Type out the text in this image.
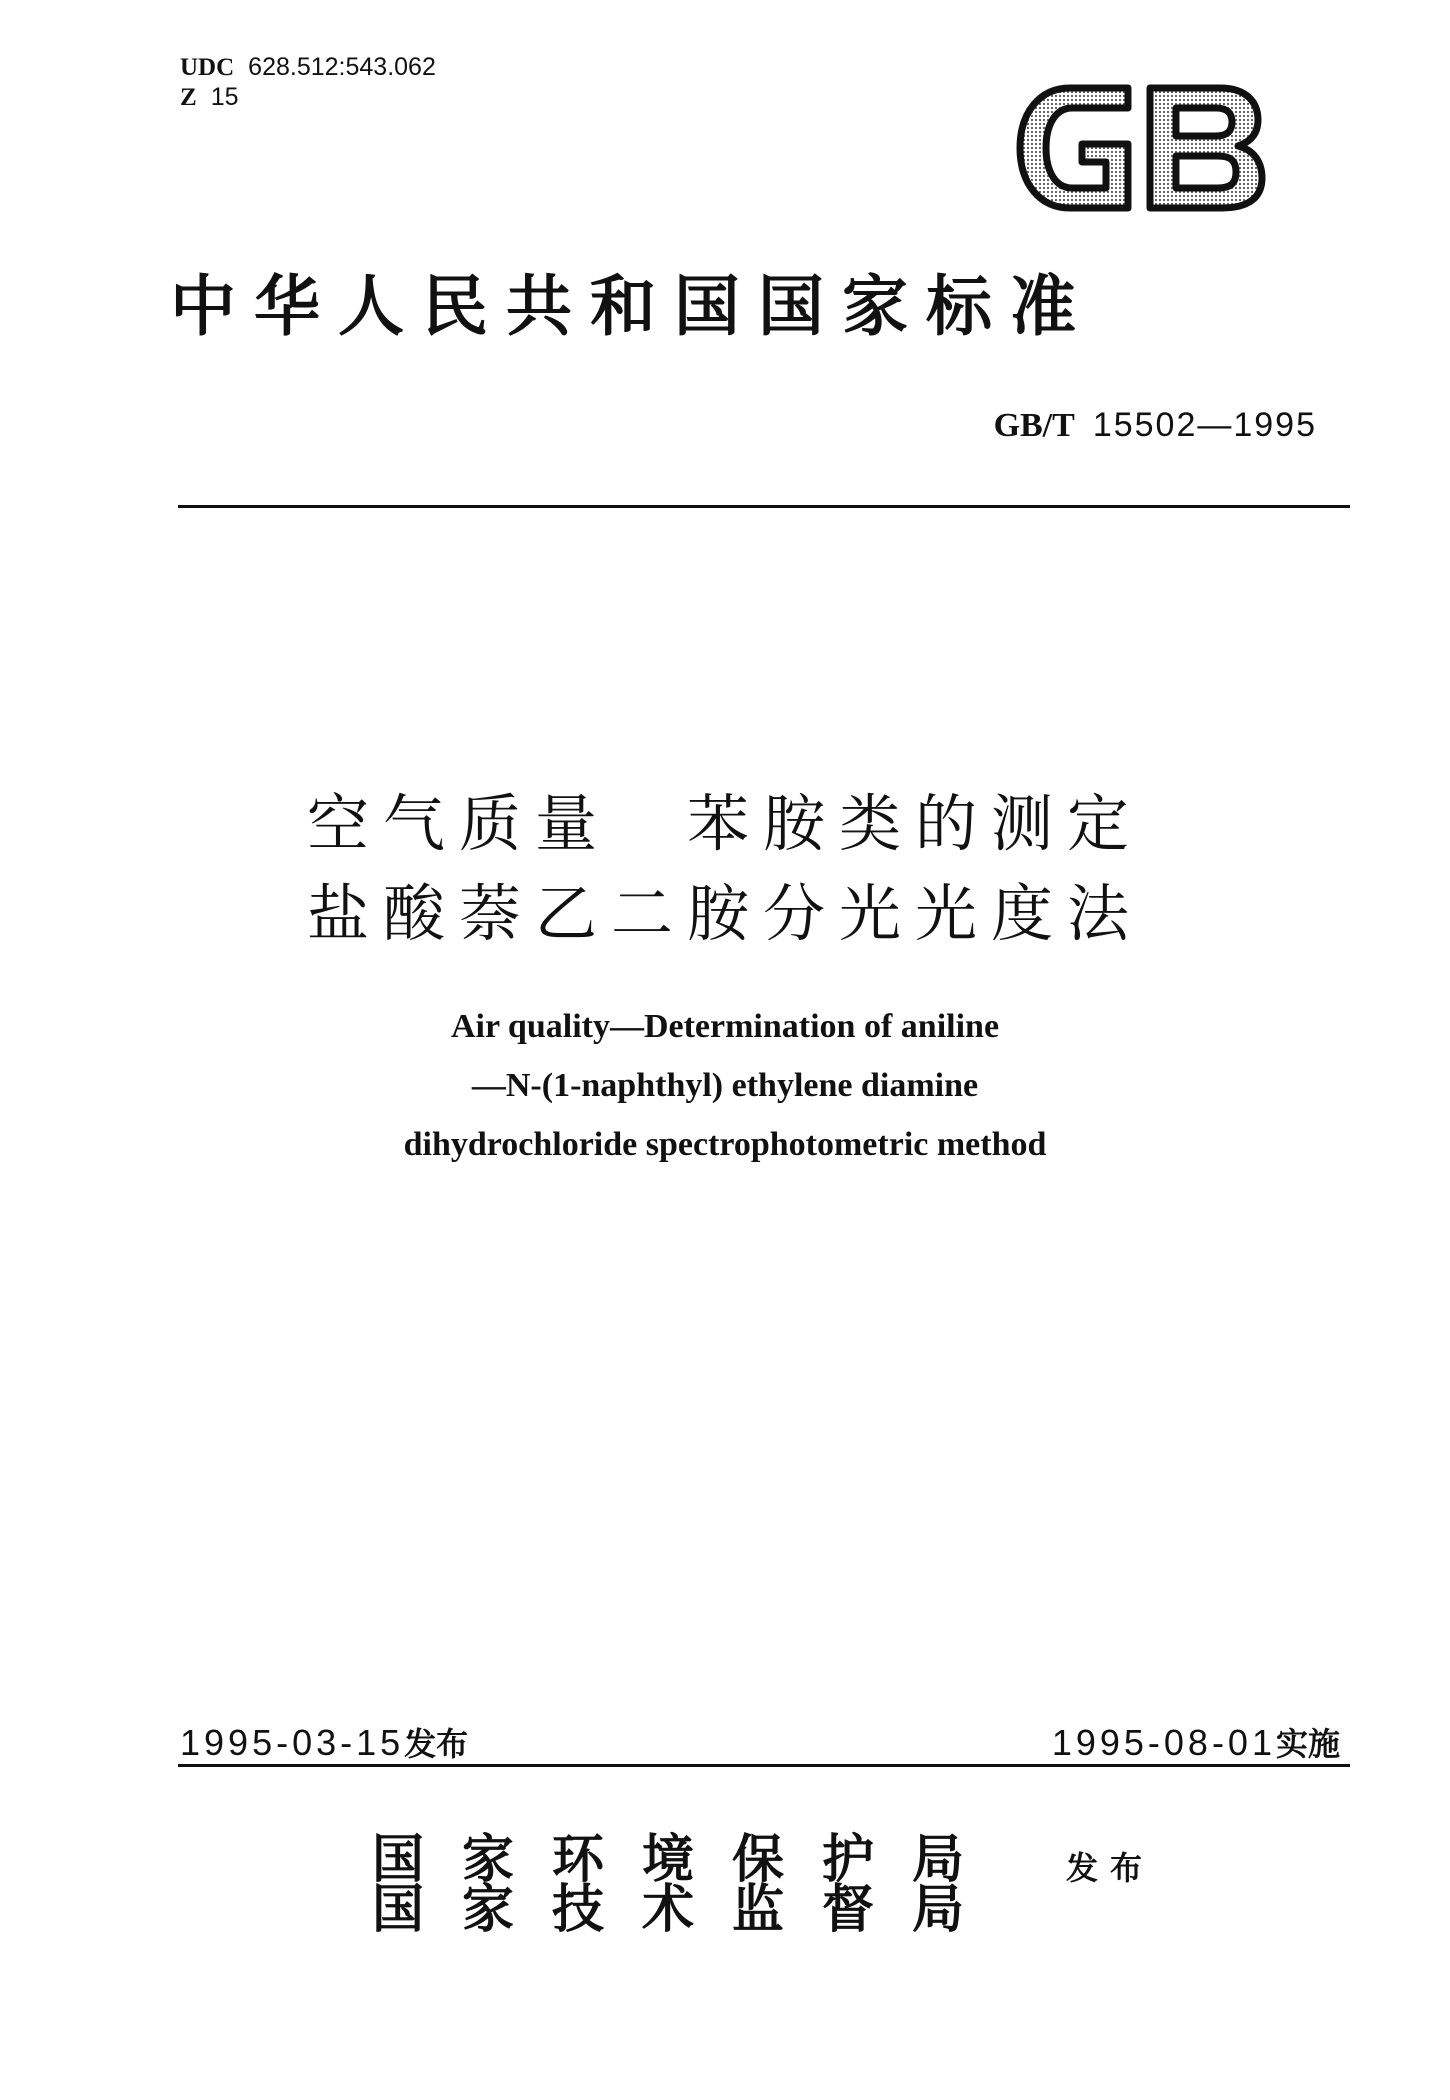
UDC 628.512:543.062
Z 15
中华人民共和国国家标准
GB/T 15502—1995
空气质量　苯胺类的测定
盐酸萘乙二胺分光光度法
Air quality—Determination of aniline
—N-(1-naphthyl) ethylene diamine
dihydrochloride spectrophotometric method
1995-03-15发布	1995-08-01实施
国家环境保护局
国家技术监督局
发布
